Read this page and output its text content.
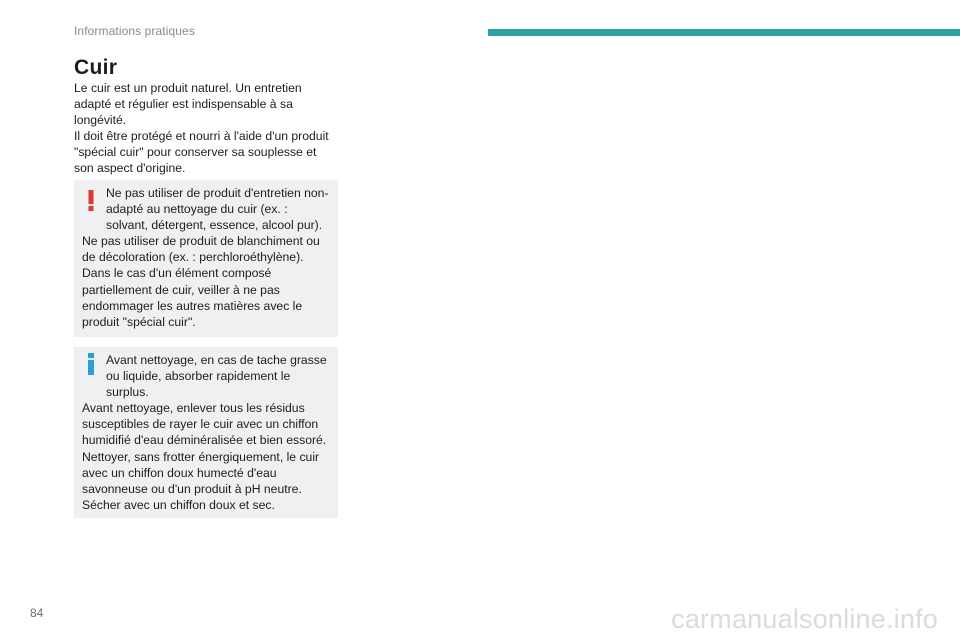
Informations pratiques
Cuir

Le cuir est un produit naturel. Un entretien adapté et régulier est indispensable à sa longévité.

Il doit être protégé et nourri à l'aide d'un produit "spécial cuir" pour conserver sa souplesse et son aspect d'origine.

Ne pas utiliser de produit d'entretien non-adapté au nettoyage du cuir (ex. : solvant, détergent, essence, alcool pur).

Ne pas utiliser de produit de blanchiment ou de décoloration (ex. : perchloroéthylène).

Dans le cas d'un élément composé partiellement de cuir, veiller à ne pas endommager les autres matières avec le produit "spécial cuir".

Avant nettoyage, en cas de tache grasse ou liquide, absorber rapidement le surplus.

Avant nettoyage, enlever tous les résidus susceptibles de rayer le cuir avec un chiffon humidifié d'eau déminéralisée et bien essoré.

Nettoyer, sans frotter énergiquement, le cuir avec un chiffon doux humecté d'eau savonneuse ou d'un produit à pH neutre.

Sécher avec un chiffon doux et sec.

84	carmanualsonline.info
